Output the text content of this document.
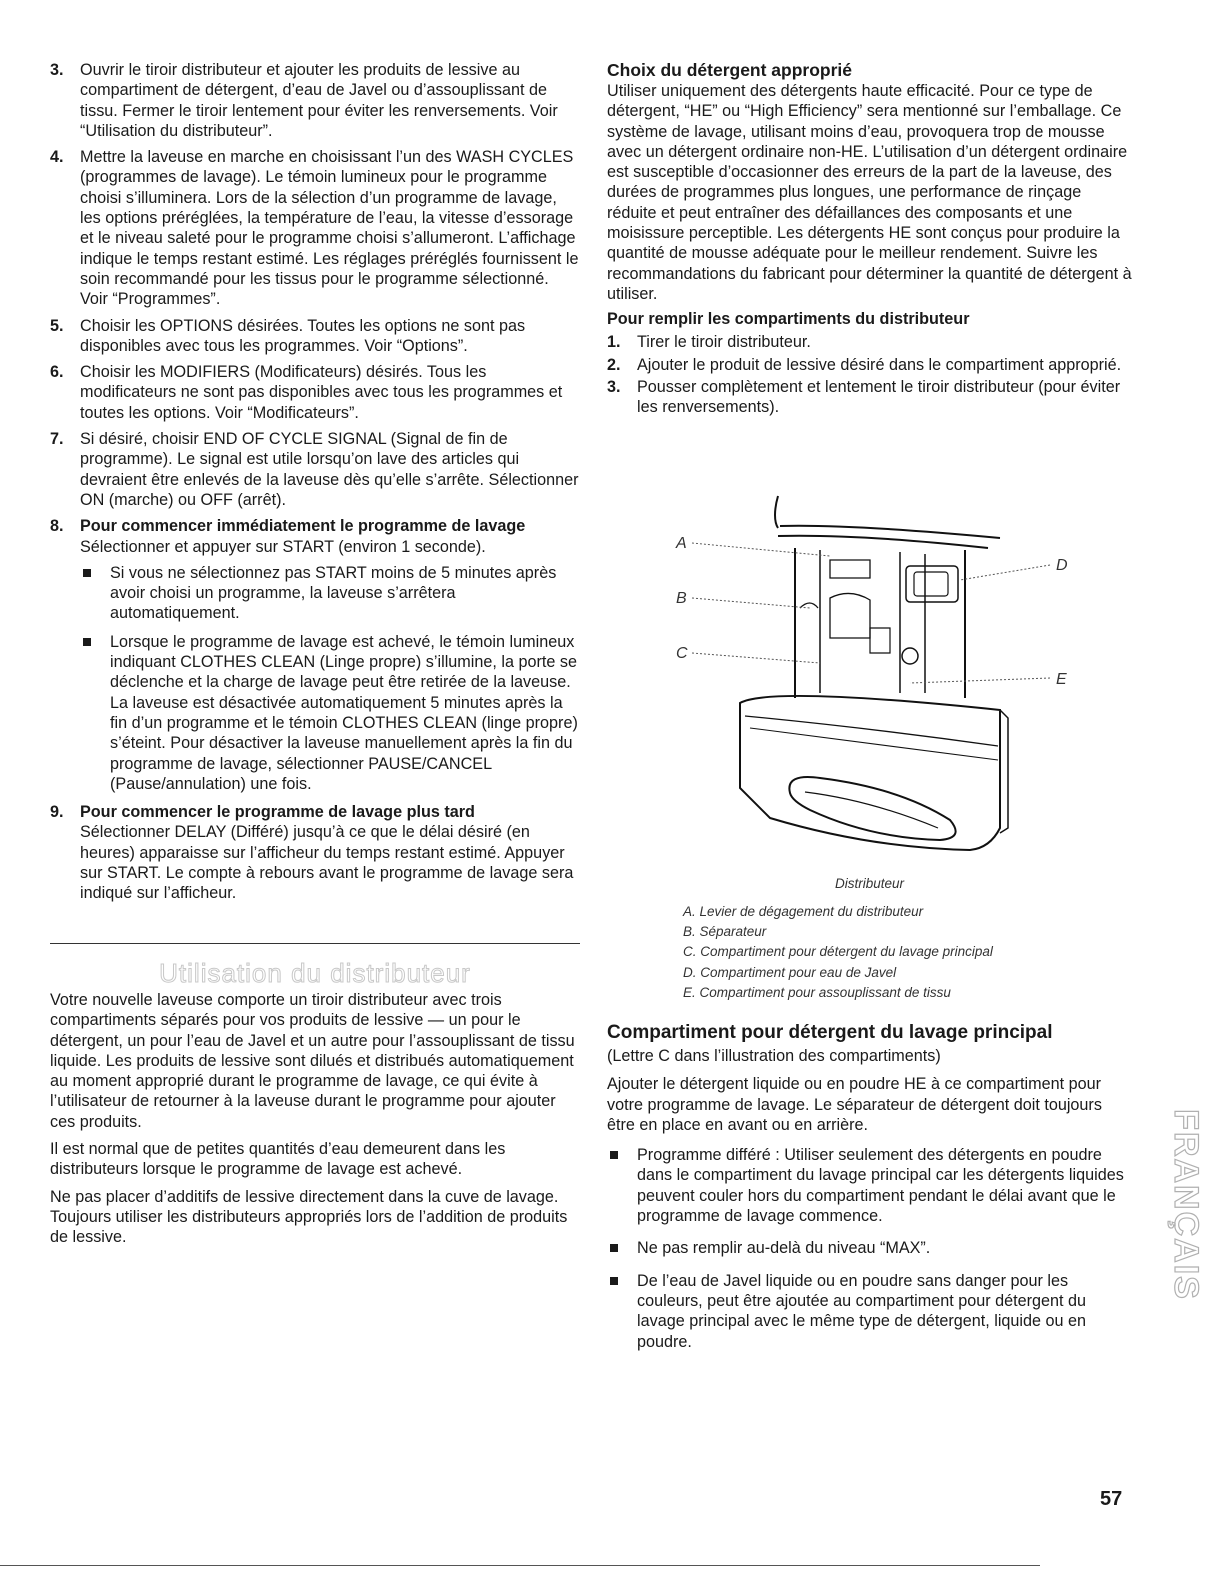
3. Ouvrir le tiroir distributeur et ajouter les produits de lessive au compartiment de détergent, d’eau de Javel ou d’assouplissant de tissu. Fermer le tiroir lentement pour éviter les renversements. Voir “Utilisation du distributeur”.
4. Mettre la laveuse en marche en choisissant l’un des WASH CYCLES (programmes de lavage). Le témoin lumineux pour le programme choisi s’illuminera. Lors de la sélection d’un programme de lavage, les options préréglées, la température de l’eau, la vitesse d’essorage et le niveau saleté pour le programme choisi s’allumeront. L’affichage indique le temps restant estimé. Les réglages préréglés fournissent le soin recommandé pour les tissus pour le programme sélectionné. Voir “Programmes”.
5. Choisir les OPTIONS désirées. Toutes les options ne sont pas disponibles avec tous les programmes. Voir “Options”.
6. Choisir les MODIFIERS (Modificateurs) désirés. Tous les modificateurs ne sont pas disponibles avec tous les programmes et toutes les options. Voir “Modificateurs”.
7. Si désiré, choisir END OF CYCLE SIGNAL (Signal de fin de programme). Le signal est utile lorsqu’on lave des articles qui devraient être enlevés de la laveuse dès qu’elle s’arrête. Sélectionner ON (marche) ou OFF (arrêt).
8. Pour commencer immédiatement le programme de lavage
Sélectionner et appuyer sur START (environ 1 seconde).
Si vous ne sélectionnez pas START moins de 5 minutes après avoir choisi un programme, la laveuse s’arrêtera automatiquement.
Lorsque le programme de lavage est achevé, le témoin lumineux indiquant CLOTHES CLEAN (Linge propre) s’illumine, la porte se déclenche et la charge de lavage peut être retirée de la laveuse. La laveuse est désactivée automatiquement 5 minutes après la fin d’un programme et le témoin CLOTHES CLEAN (linge propre) s’éteint. Pour désactiver la laveuse manuellement après la fin du programme de lavage, sélectionner PAUSE/CANCEL (Pause/annulation) une fois.
9. Pour commencer le programme de lavage plus tard
Sélectionner DELAY (Différé) jusqu’à ce que le délai désiré (en heures) apparaisse sur l’afficheur du temps restant estimé. Appuyer sur START. Le compte à rebours avant le programme de lavage sera indiqué sur l’afficheur.
Utilisation du distributeur

Votre nouvelle laveuse comporte un tiroir distributeur avec trois compartiments séparés pour vos produits de lessive — un pour le détergent, un pour l’eau de Javel et un autre pour l’assouplissant de tissu liquide. Les produits de lessive sont dilués et distribués automatiquement au moment approprié durant le programme de lavage, ce qui évite à l’utilisateur de retourner à la laveuse durant le programme pour ajouter ces produits.

Il est normal que de petites quantités d’eau demeurent dans les distributeurs lorsque le programme de lavage est achevé.

Ne pas placer d’additifs de lessive directement dans la cuve de lavage. Toujours utiliser les distributeurs appropriés lors de l’addition de produits de lessive.

Choix du détergent approprié

Utiliser uniquement des détergents haute efficacité. Pour ce type de détergent, “HE” ou “High Efficiency” sera mentionné sur l’emballage. Ce système de lavage, utilisant moins d’eau, provoquera trop de mousse avec un détergent ordinaire non-HE. L’utilisation d’un détergent ordinaire est susceptible d’occasionner des erreurs de la part de la laveuse, des durées de programmes plus longues, une performance de rinçage réduite et peut entraîner des défaillances des composants et une moisissure perceptible. Les détergents HE sont conçus pour produire la quantité de mousse adéquate pour le meilleur rendement. Suivre les recommandations du fabricant pour déterminer la quantité de détergent à utiliser.

Pour remplir les compartiments du distributeur
1. Tirer le tiroir distributeur.
2. Ajouter le produit de lessive désiré dans le compartiment approprié.
3. Pousser complètement et lentement le tiroir distributeur (pour éviter les renversements).
A
B
C
D
E
Distributeur
A. Levier de dégagement du distributeur
B. Séparateur
C. Compartiment pour détergent du lavage principal
D. Compartiment pour eau de Javel
E. Compartiment pour assouplissant de tissu
Compartiment pour détergent du lavage principal

(Lettre C dans l’illustration des compartiments)

Ajouter le détergent liquide ou en poudre HE à ce compartiment pour votre programme de lavage. Le séparateur de détergent doit toujours être en place en avant ou en arrière.

Programme différé : Utiliser seulement des détergents en poudre dans le compartiment du lavage principal car les détergents liquides peuvent couler hors du compartiment pendant le délai avant que le programme de lavage commence.
Ne pas remplir au-delà du niveau “MAX”.
De l’eau de Javel liquide ou en poudre sans danger pour les couleurs, peut être ajoutée au compartiment pour détergent du lavage principal avec le même type de détergent, liquide ou en poudre.
FRANÇAIS
57
